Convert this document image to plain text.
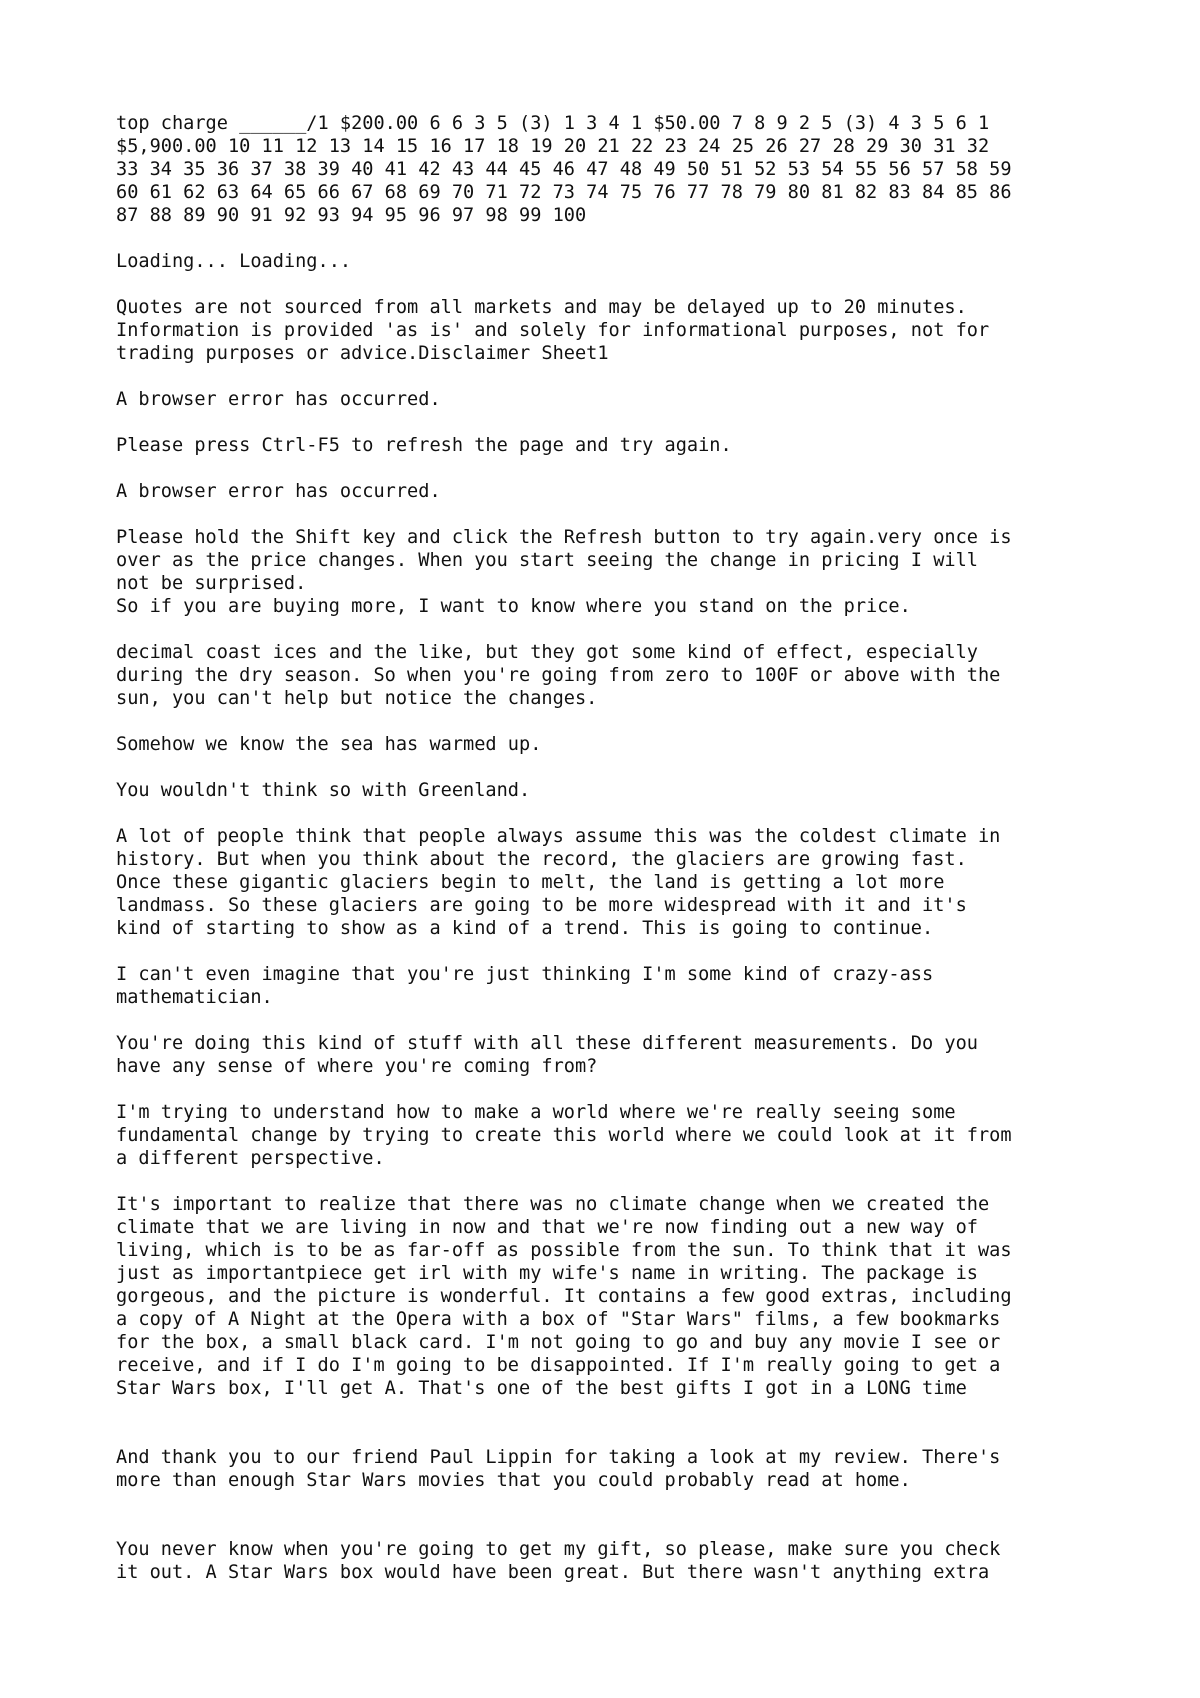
top charge ______/1 $200.00 6 6 3 5 (3) 1 3 4 1 $50.00 7 8 9 2 5 (3) 4 3 5 6 1
$5,900.00 10 11 12 13 14 15 16 17 18 19 20 21 22 23 24 25 26 27 28 29 30 31 32
33 34 35 36 37 38 39 40 41 42 43 44 45 46 47 48 49 50 51 52 53 54 55 56 57 58 59
60 61 62 63 64 65 66 67 68 69 70 71 72 73 74 75 76 77 78 79 80 81 82 83 84 85 86
87 88 89 90 91 92 93 94 95 96 97 98 99 100

Loading... Loading...

Quotes are not sourced from all markets and may be delayed up to 20 minutes.
Information is provided 'as is' and solely for informational purposes, not for
trading purposes or advice.Disclaimer Sheet1

A browser error has occurred.

Please press Ctrl-F5 to refresh the page and try again.

A browser error has occurred.

Please hold the Shift key and click the Refresh button to try again.very once is
over as the price changes. When you start seeing the change in pricing I will
not be surprised.
So if you are buying more, I want to know where you stand on the price.

decimal coast ices and the like, but they got some kind of effect, especially
during the dry season. So when you're going from zero to 100F or above with the
sun, you can't help but notice the changes.

Somehow we know the sea has warmed up.

You wouldn't think so with Greenland.

A lot of people think that people always assume this was the coldest climate in
history. But when you think about the record, the glaciers are growing fast.
Once these gigantic glaciers begin to melt, the land is getting a lot more
landmass. So these glaciers are going to be more widespread with it and it's
kind of starting to show as a kind of a trend. This is going to continue.

I can't even imagine that you're just thinking I'm some kind of crazy-ass
mathematician.

You're doing this kind of stuff with all these different measurements. Do you
have any sense of where you're coming from?

I'm trying to understand how to make a world where we're really seeing some
fundamental change by trying to create this world where we could look at it from
a different perspective.

It's important to realize that there was no climate change when we created the
climate that we are living in now and that we're now finding out a new way of
living, which is to be as far-off as possible from the sun. To think that it was
just as importantpiece get irl with my wife's name in writing. The package is
gorgeous, and the picture is wonderful. It contains a few good extras, including
a copy of A Night at the Opera with a box of "Star Wars" films, a few bookmarks
for the box, a small black card. I'm not going to go and buy any movie I see or
receive, and if I do I'm going to be disappointed. If I'm really going to get a
Star Wars box, I'll get A. That's one of the best gifts I got in a LONG time

And thank you to our friend Paul Lippin for taking a look at my review. There's
more than enough Star Wars movies that you could probably read at home.

You never know when you're going to get my gift, so please, make sure you check
it out. A Star Wars box would have been great. But there wasn't anything extra
